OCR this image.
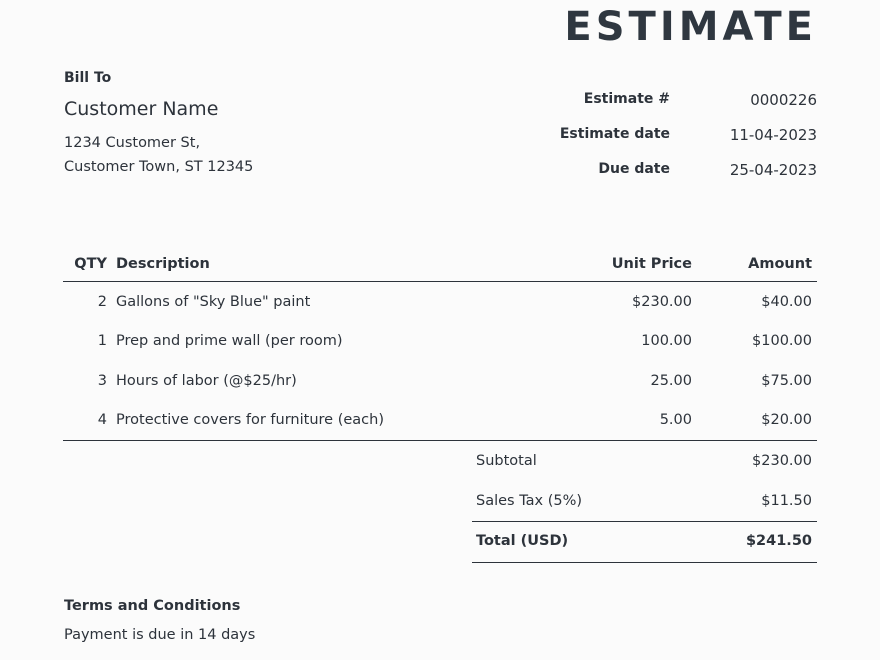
ESTIMATE
Bill To
Customer Name
1234 Customer St,
Customer Town, ST 12345
Estimate #	0000226
Estimate date	11-04-2023
Due date	25-04-2023
QTY	Description	Unit Price	Amount
2	Gallons of "Sky Blue" paint	$230.00	$40.00
1	Prep and prime wall (per room)	100.00	$100.00
3	Hours of labor (@$25/hr)	25.00	$75.00
4	Protective covers for furniture (each)	5.00	$20.00
Subtotal	$230.00
Sales Tax (5%)	$11.50
Total (USD)	$241.50
Terms and Conditions
Payment is due in 14 days
